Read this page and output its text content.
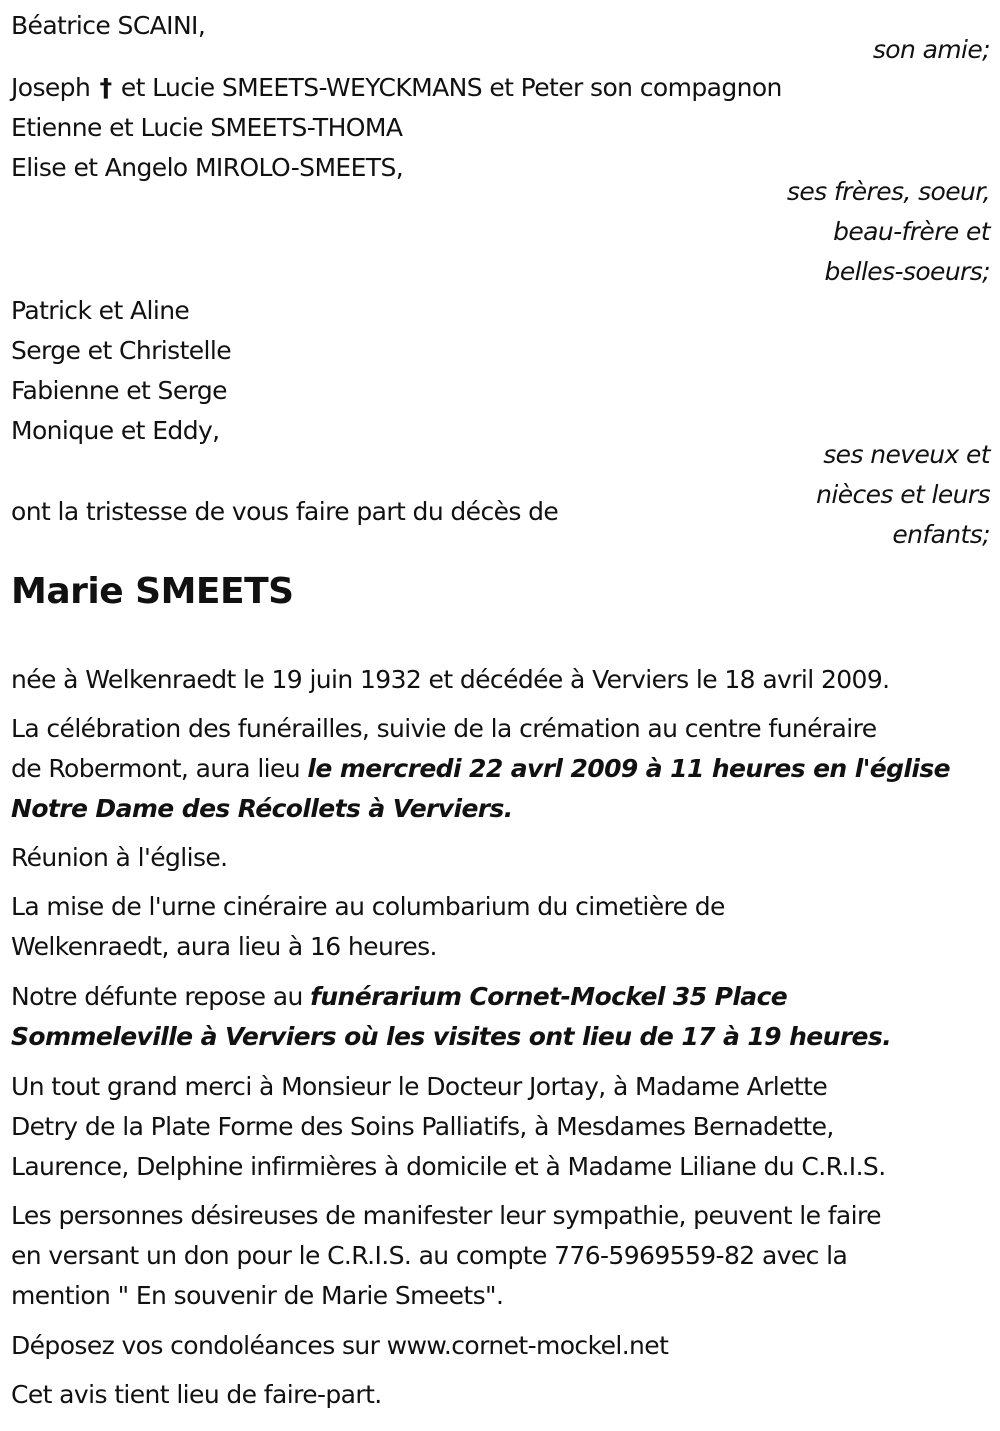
Béatrice SCAINI,
son amie;
Joseph † et Lucie SMEETS-WEYCKMANS et Peter son compagnon
Etienne et Lucie SMEETS-THOMA
Elise et Angelo MIROLO-SMEETS,
ses frères, soeur,
beau-frère et
belles-soeurs;
Patrick et Aline
Serge et Christelle
Fabienne et Serge
Monique et Eddy,
ses neveux et
nièces et leurs
enfants;
ont la tristesse de vous faire part du décès de
Marie SMEETS
née à Welkenraedt le 19 juin 1932 et décédée à Verviers le 18 avril 2009.
La célébration des funérailles, suivie de la crémation au centre funéraire
de Robermont, aura lieu le mercredi 22 avrl 2009 à 11 heures en l'église
Notre Dame des Récollets à Verviers.
Réunion à l'église.
La mise de l'urne cinéraire au columbarium du cimetière de
Welkenraedt, aura lieu à 16 heures.
Notre défunte repose au funérarium Cornet-Mockel 35 Place
Sommeleville à Verviers où les visites ont lieu de 17 à 19 heures.
Un tout grand merci à Monsieur le Docteur Jortay, à Madame Arlette
Detry de la Plate Forme des Soins Palliatifs, à Mesdames Bernadette,
Laurence, Delphine infirmières à domicile et à Madame Liliane du C.R.I.S.
Les personnes désireuses de manifester leur sympathie, peuvent le faire
en versant un don pour le C.R.I.S. au compte 776-5969559-82 avec la
mention " En souvenir de Marie Smeets".
Déposez vos condoléances sur www.cornet-mockel.net
Cet avis tient lieu de faire-part.
